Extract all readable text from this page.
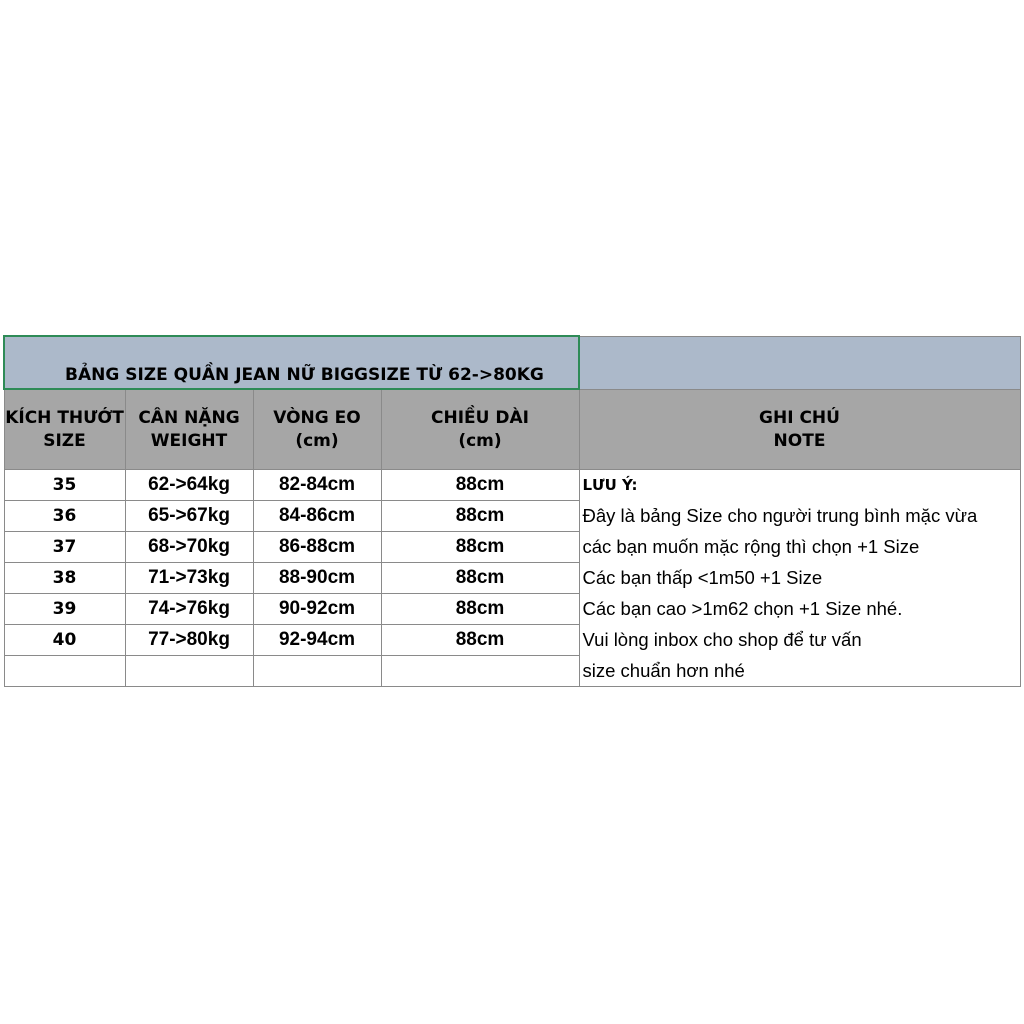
BẢNG SIZE QUẦN JEAN NỮ BIGGSIZE TỪ 62->80KG				

KÍCH THƯỚT	CÂN NẶNG	VÒNG EO	CHIỀU DÀI	GHI CHÚ
SIZE	WEIGHT	(cm)	(cm)	NOTE
35	62->64kg	82-84cm	88cm	LƯU Ý:
36	65->67kg	84-86cm	88cm	Đây là bảng Size cho người trung bình mặc vừa
37	68->70kg	86-88cm	88cm	các bạn muốn mặc rộng thì chọn +1 Size
38	71->73kg	88-90cm	88cm	Các bạn thấp <1m50 +1 Size
39	74->76kg	90-92cm	88cm	Các bạn cao >1m62 chọn +1 Size nhé.
40	77->80kg	92-94cm	88cm	Vui lòng inbox cho shop để tư vấn
				size chuẩn hơn nhé
